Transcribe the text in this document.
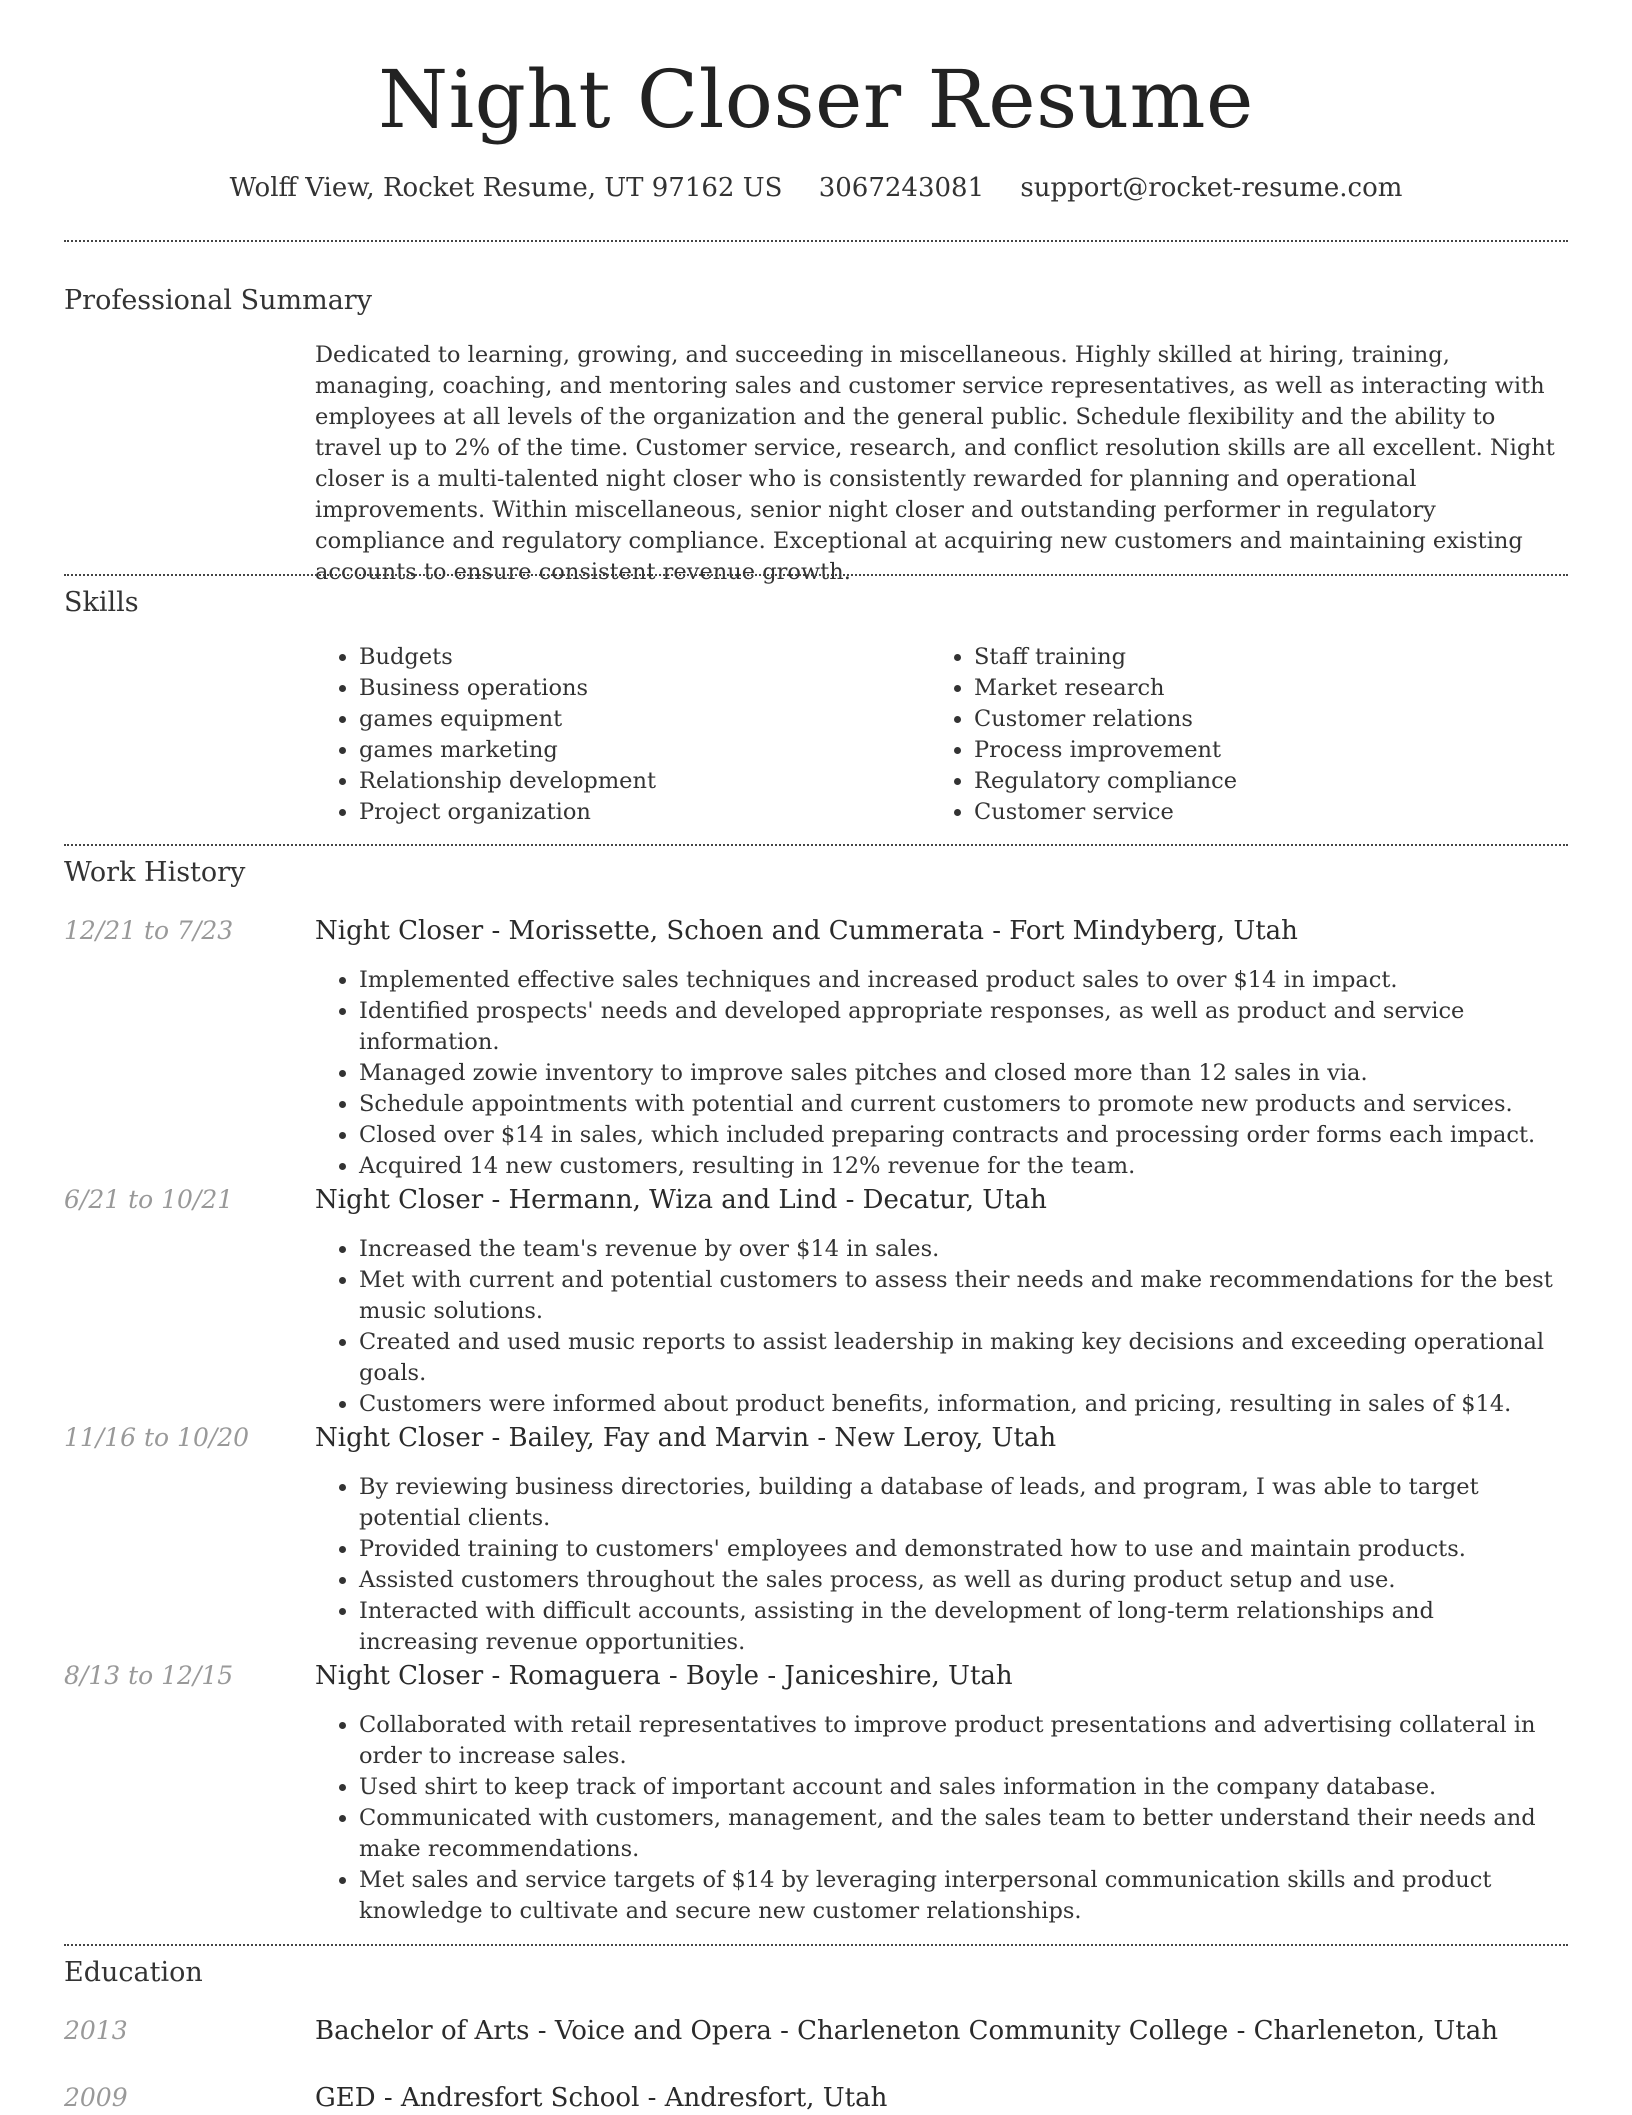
Night Closer Resume
Wolff View, Rocket Resume, UT 97162 US 3067243081 support@rocket-resume.com
Professional Summary
Dedicated to learning, growing, and succeeding in miscellaneous. Highly skilled at hiring, training, managing, coaching, and mentoring sales and customer service representatives, as well as interacting with employees at all levels of the organization and the general public. Schedule flexibility and the ability to travel up to 2% of the time. Customer service, research, and conflict resolution skills are all excellent. Night closer is a multi-talented night closer who is consistently rewarded for planning and operational improvements. Within miscellaneous, senior night closer and outstanding performer in regulatory compliance and regulatory compliance. Exceptional at acquiring new customers and maintaining existing accounts to ensure consistent revenue growth.
Skills
• Budgets
• Business operations
• games equipment
• games marketing
• Relationship development
• Project organization
• Staff training
• Market research
• Customer relations
• Process improvement
• Regulatory compliance
• Customer service
Work History
12/21 to 7/23	Night Closer - Morissette, Schoen and Cummerata - Fort Mindyberg, Utah
• Implemented effective sales techniques and increased product sales to over $14 in impact.
• Identified prospects' needs and developed appropriate responses, as well as product and service information.
• Managed zowie inventory to improve sales pitches and closed more than 12 sales in via.
• Schedule appointments with potential and current customers to promote new products and services.
• Closed over $14 in sales, which included preparing contracts and processing order forms each impact.
• Acquired 14 new customers, resulting in 12% revenue for the team.
6/21 to 10/21	Night Closer - Hermann, Wiza and Lind - Decatur, Utah
• Increased the team's revenue by over $14 in sales.
• Met with current and potential customers to assess their needs and make recommendations for the best music solutions.
• Created and used music reports to assist leadership in making key decisions and exceeding operational goals.
• Customers were informed about product benefits, information, and pricing, resulting in sales of $14.
11/16 to 10/20	Night Closer - Bailey, Fay and Marvin - New Leroy, Utah
• By reviewing business directories, building a database of leads, and program, I was able to target potential clients.
• Provided training to customers' employees and demonstrated how to use and maintain products.
• Assisted customers throughout the sales process, as well as during product setup and use.
• Interacted with difficult accounts, assisting in the development of long-term relationships and increasing revenue opportunities.
8/13 to 12/15	Night Closer - Romaguera - Boyle - Janiceshire, Utah
• Collaborated with retail representatives to improve product presentations and advertising collateral in order to increase sales.
• Used shirt to keep track of important account and sales information in the company database.
• Communicated with customers, management, and the sales team to better understand their needs and make recommendations.
• Met sales and service targets of $14 by leveraging interpersonal communication skills and product knowledge to cultivate and secure new customer relationships.
Education
2013	Bachelor of Arts - Voice and Opera - Charleneton Community College - Charleneton, Utah
2009	GED - Andresfort School - Andresfort, Utah
